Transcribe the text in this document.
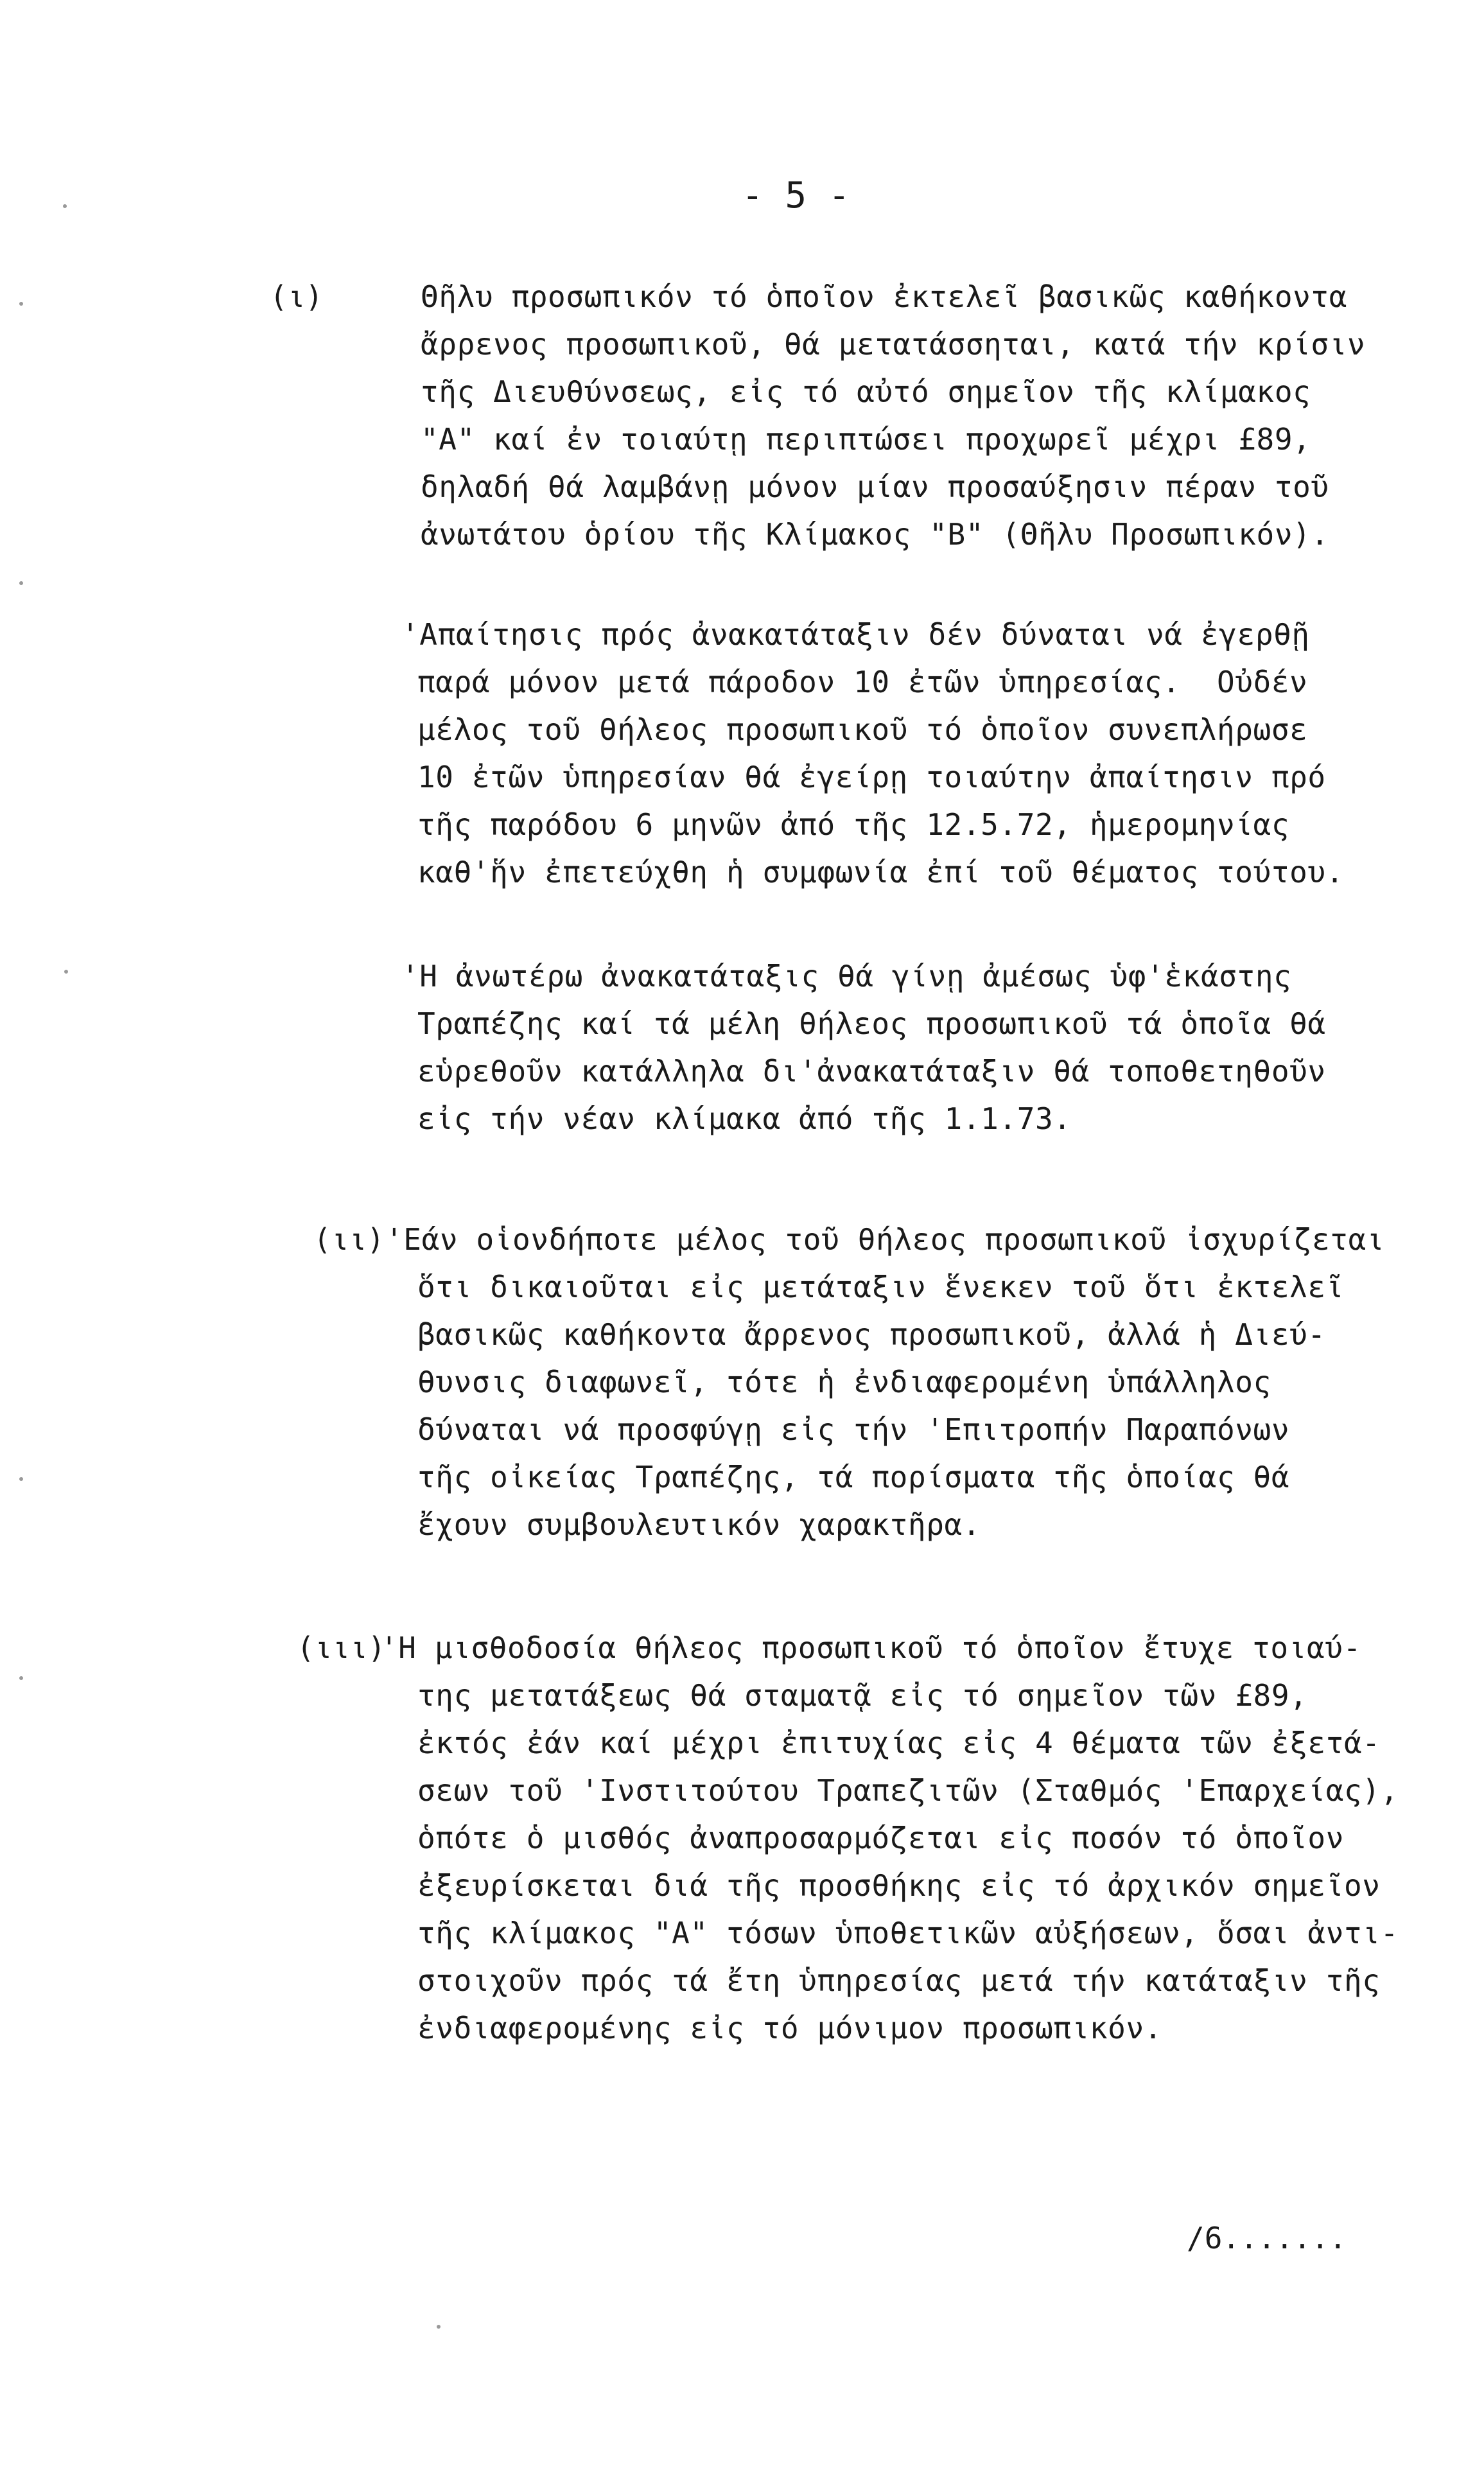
- 5 -
(ι)	Θῆλυ προσωπικόν τό ὁποῖον ἐκτελεῖ βασικῶς καθήκοντα
ἄρρενος προσωπικοῦ, θά μετατάσσηται, κατά τήν κρίσιν
τῆς Διευθύνσεως, εἰς τό αὐτό σημεῖον τῆς κλίμακος
"Α" καί ἐν τοιαύτῃ περιπτώσει προχωρεῖ μέχρι £89,
δηλαδή θά λαμβάνῃ μόνον μίαν προσαύξησιν πέραν τοῦ
ἀνωτάτου ὁρίου τῆς Κλίμακος "Β" (Θῆλυ Προσωπικόν).
'Απαίτησις πρός ἀνακατάταξιν δέν δύναται νά ἐγερθῇ
παρά μόνον μετά πάροδον 10 ἐτῶν ὑπηρεσίας.  Οὐδέν
μέλος τοῦ θήλεος προσωπικοῦ τό ὁποῖον συνεπλήρωσε
10 ἐτῶν ὑπηρεσίαν θά ἐγείρῃ τοιαύτην ἀπαίτησιν πρό
τῆς παρόδου 6 μηνῶν ἀπό τῆς 12.5.72, ἡμερομηνίας
καθ'ἥν ἐπετεύχθη ἡ συμφωνία ἐπί τοῦ θέματος τούτου.
'Η ἀνωτέρω ἀνακατάταξις θά γίνῃ ἀμέσως ὑφ'ἑκάστης
Τραπέζης καί τά μέλη θήλεος προσωπικοῦ τά ὁποῖα θά
εὑρεθοῦν κατάλληλα δι'ἀνακατάταξιν θά τοποθετηθοῦν
εἰς τήν νέαν κλίμακα ἀπό τῆς 1.1.73.
(ιι) 'Εάν οἱονδήποτε μέλος τοῦ θήλεος προσωπικοῦ ἰσχυρίζεται
ὅτι δικαιοῦται εἰς μετάταξιν ἕνεκεν τοῦ ὅτι ἐκτελεῖ
βασικῶς καθήκοντα ἄρρενος προσωπικοῦ, ἀλλά ἡ Διεύ-
θυνσις διαφωνεῖ, τότε ἡ ἐνδιαφερομένη ὑπάλληλος
δύναται νά προσφύγῃ εἰς τήν 'Επιτροπήν Παραπόνων
τῆς οἰκείας Τραπέζης, τά πορίσματα τῆς ὁποίας θά
ἔχουν συμβουλευτικόν χαρακτῆρα.
(ιιι)
'Η μισθοδοσία θήλεος προσωπικοῦ τό ὁποῖον ἔτυχε τοιαύ-
της μετατάξεως θά σταματᾷ εἰς τό σημεῖον τῶν £89,
ἐκτός ἐάν καί μέχρι ἐπιτυχίας εἰς 4 θέματα τῶν ἐξετά-
σεων τοῦ 'Ινστιτούτου Τραπεζιτῶν (Σταθμός 'Επαρχείας),
ὁπότε ὁ μισθός ἀναπροσαρμόζεται εἰς ποσόν τό ὁποῖον
ἐξευρίσκεται διά τῆς προσθήκης εἰς τό ἀρχικόν σημεῖον
τῆς κλίμακος "Α" τόσων ὑποθετικῶν αὐξήσεων, ὅσαι ἀντι-
στοιχοῦν πρός τά ἔτη ὑπηρεσίας μετά τήν κατάταξιν τῆς
ἐνδιαφερομένης εἰς τό μόνιμον προσωπικόν.
/6.......
